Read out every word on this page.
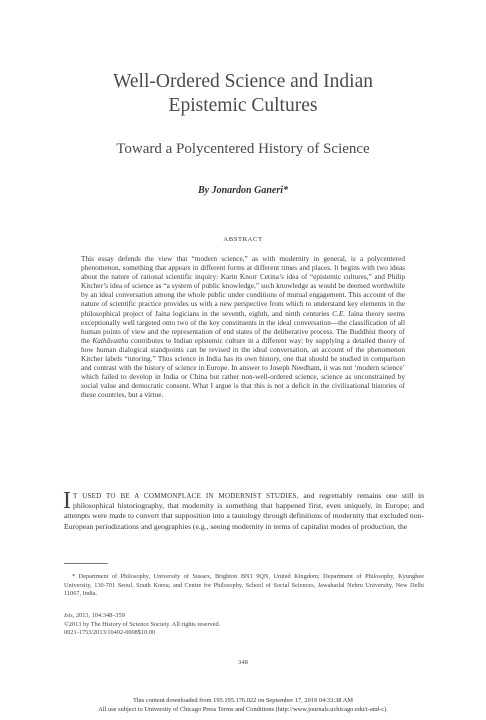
Well-Ordered Science and Indian
Epistemic Cultures
Toward a Polycentered History of Science
By Jonardon Ganeri*
ABSTRACT

This essay defends the view that “modern science,” as with modernity in general, is a polycentered phenomenon, something that appears in different forms at different times and places. It begins with two ideas about the nature of rational scientific inquiry: Karin Knorr Cetina’s idea of “epistemic cultures,” and Philip Kitcher’s idea of science as “a system of public knowledge,” such knowledge as would be deemed worthwhile by an ideal conversation among the whole public under conditions of mutual engagement. This account of the nature of scientific practice provides us with a new perspective from which to understand key elements in the philosophical project of Jaina logicians in the seventh, eighth, and ninth centuries C.E. Jaina theory seems exceptionally well targeted onto two of the key constituents in the ideal conversation—the classification of all human points of view and the representation of end states of the deliberative process. The Buddhist theory of the Kathāvatthu contributes to Indian epistemic culture in a different way: by supplying a detailed theory of how human dialogical standpoints can be revised in the ideal conversation, an account of the phenomenon Kitcher labels “tutoring.” Thus science in India has its own history, one that should be studied in comparison and contrast with the history of science in Europe. In answer to Joseph Needham, it was not ‘modern science’ which failed to develop in India or China but rather non-well-ordered science, science as unconstrained by social value and democratic consent. What I argue is that this is not a deficit in the civilisational histories of these countries, but a virtue.

I T USED TO BE A COMMONPLACE IN MODERNIST STUDIES, and regrettably remains one still in philosophical historiography, that modernity is something that happened first, even uniquely, in Europe; and attempts were made to convert that supposition into a tautology through definitions of modernity that excluded non-European periodizations and geographies (e.g., seeing modernity in terms of capitalist modes of production, the

* Department of Philosophy, University of Sussex, Brighton BN1 9QN, United Kingdom; Department of Philosophy, Kyunghee University, 130-701 Seoul, South Korea; and Centre for Philosophy, School of Social Sciences, Jawaharlal Nehru University, New Delhi 11067, India.

Isis, 2013, 104:348–359
©2013 by The History of Science Society. All rights reserved.
0021-1753/2013/10402-0008$10.00
348
This content downloaded from 195.195.176.022 on September 17, 2019 04:33:38 AM
All use subject to University of Chicago Press Terms and Conditions (http://www.journals.uchicago.edu/t-and-c).
